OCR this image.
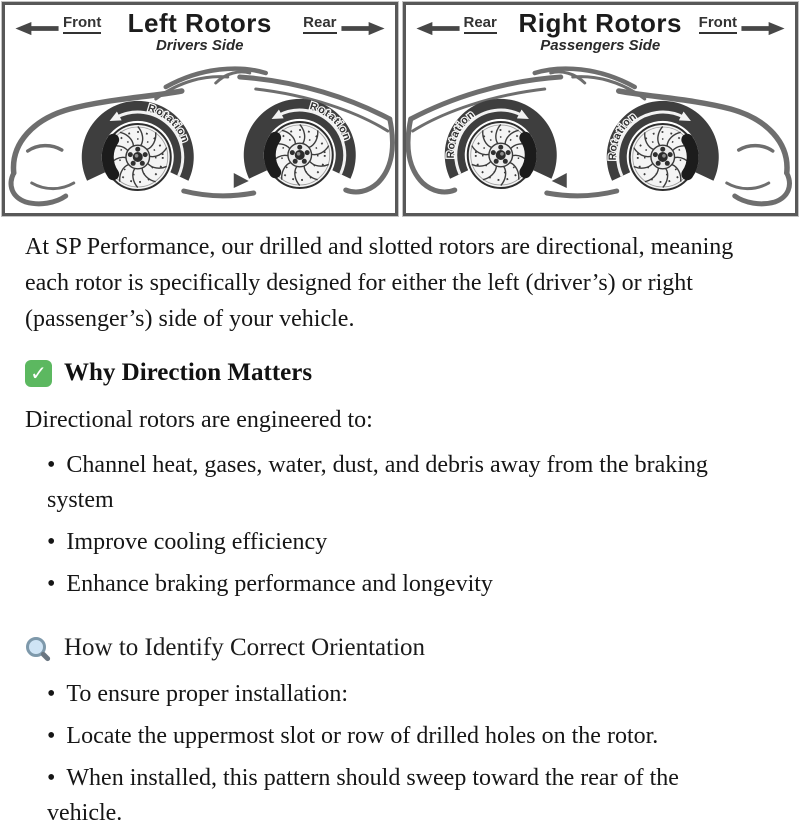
Front	Left Rotors
Drivers Side
Rear
Rotation
Rotation
Rear Right Rotors
Passengers Side
Front
Rotation
Rotation

At SP Performance, our drilled and slotted rotors are directional, meaning each rotor is specifically designed for either the left (driver’s) or right (passenger’s) side of your vehicle.

✓
Why Direction Matters

Directional rotors are engineered to:

• Channel heat, gases, water, dust, and debris away from the braking system
• Improve cooling efficiency
• Enhance braking performance and longevity
How to Identify Correct Orientation
• To ensure proper installation:
• Locate the uppermost slot or row of drilled holes on the rotor.
• When installed, this pattern should sweep toward the rear of the vehicle.
